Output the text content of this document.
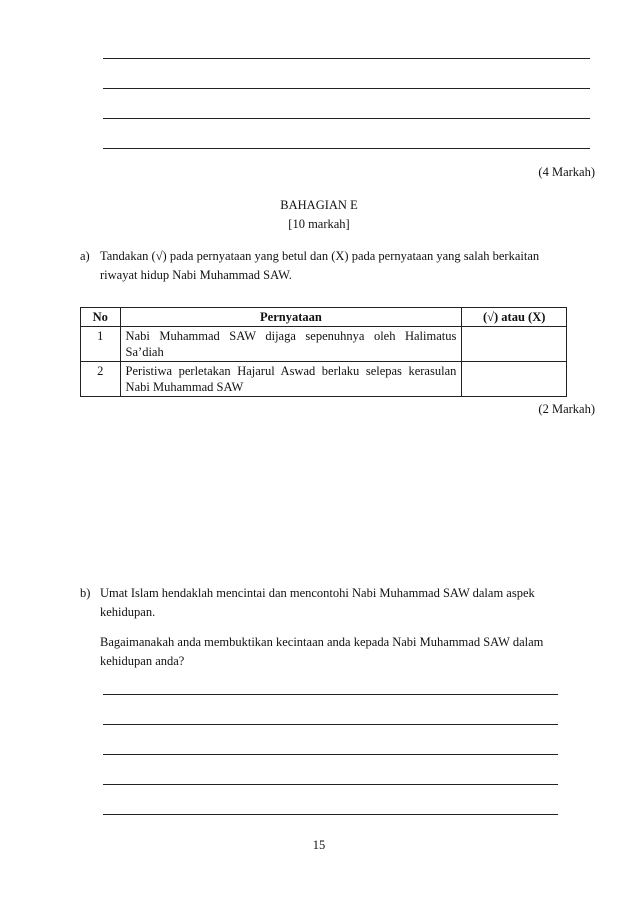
(4 Markah)
BAHAGIAN E
[10 markah]
a) Tandakan (√) pada pernyataan yang betul dan (X) pada pernyataan yang salah berkaitan
riwayat hidup Nabi Muhammad SAW.
No	Pernyataan	(√) atau (X)
1	Nabi Muhammad SAW dijaga sepenuhnya oleh Halimatus
Sa’diah	

2	Peristiwa perletakan Hajarul Aswad berlaku selepas kerasulan
Nabi Muhammad SAW	

(2 Markah)
b) Umat Islam hendaklah mencintai dan mencontohi Nabi Muhammad SAW dalam aspek
kehidupan.
Bagaimanakah anda membuktikan kecintaan anda kepada Nabi Muhammad SAW dalam
kehidupan anda?
15
